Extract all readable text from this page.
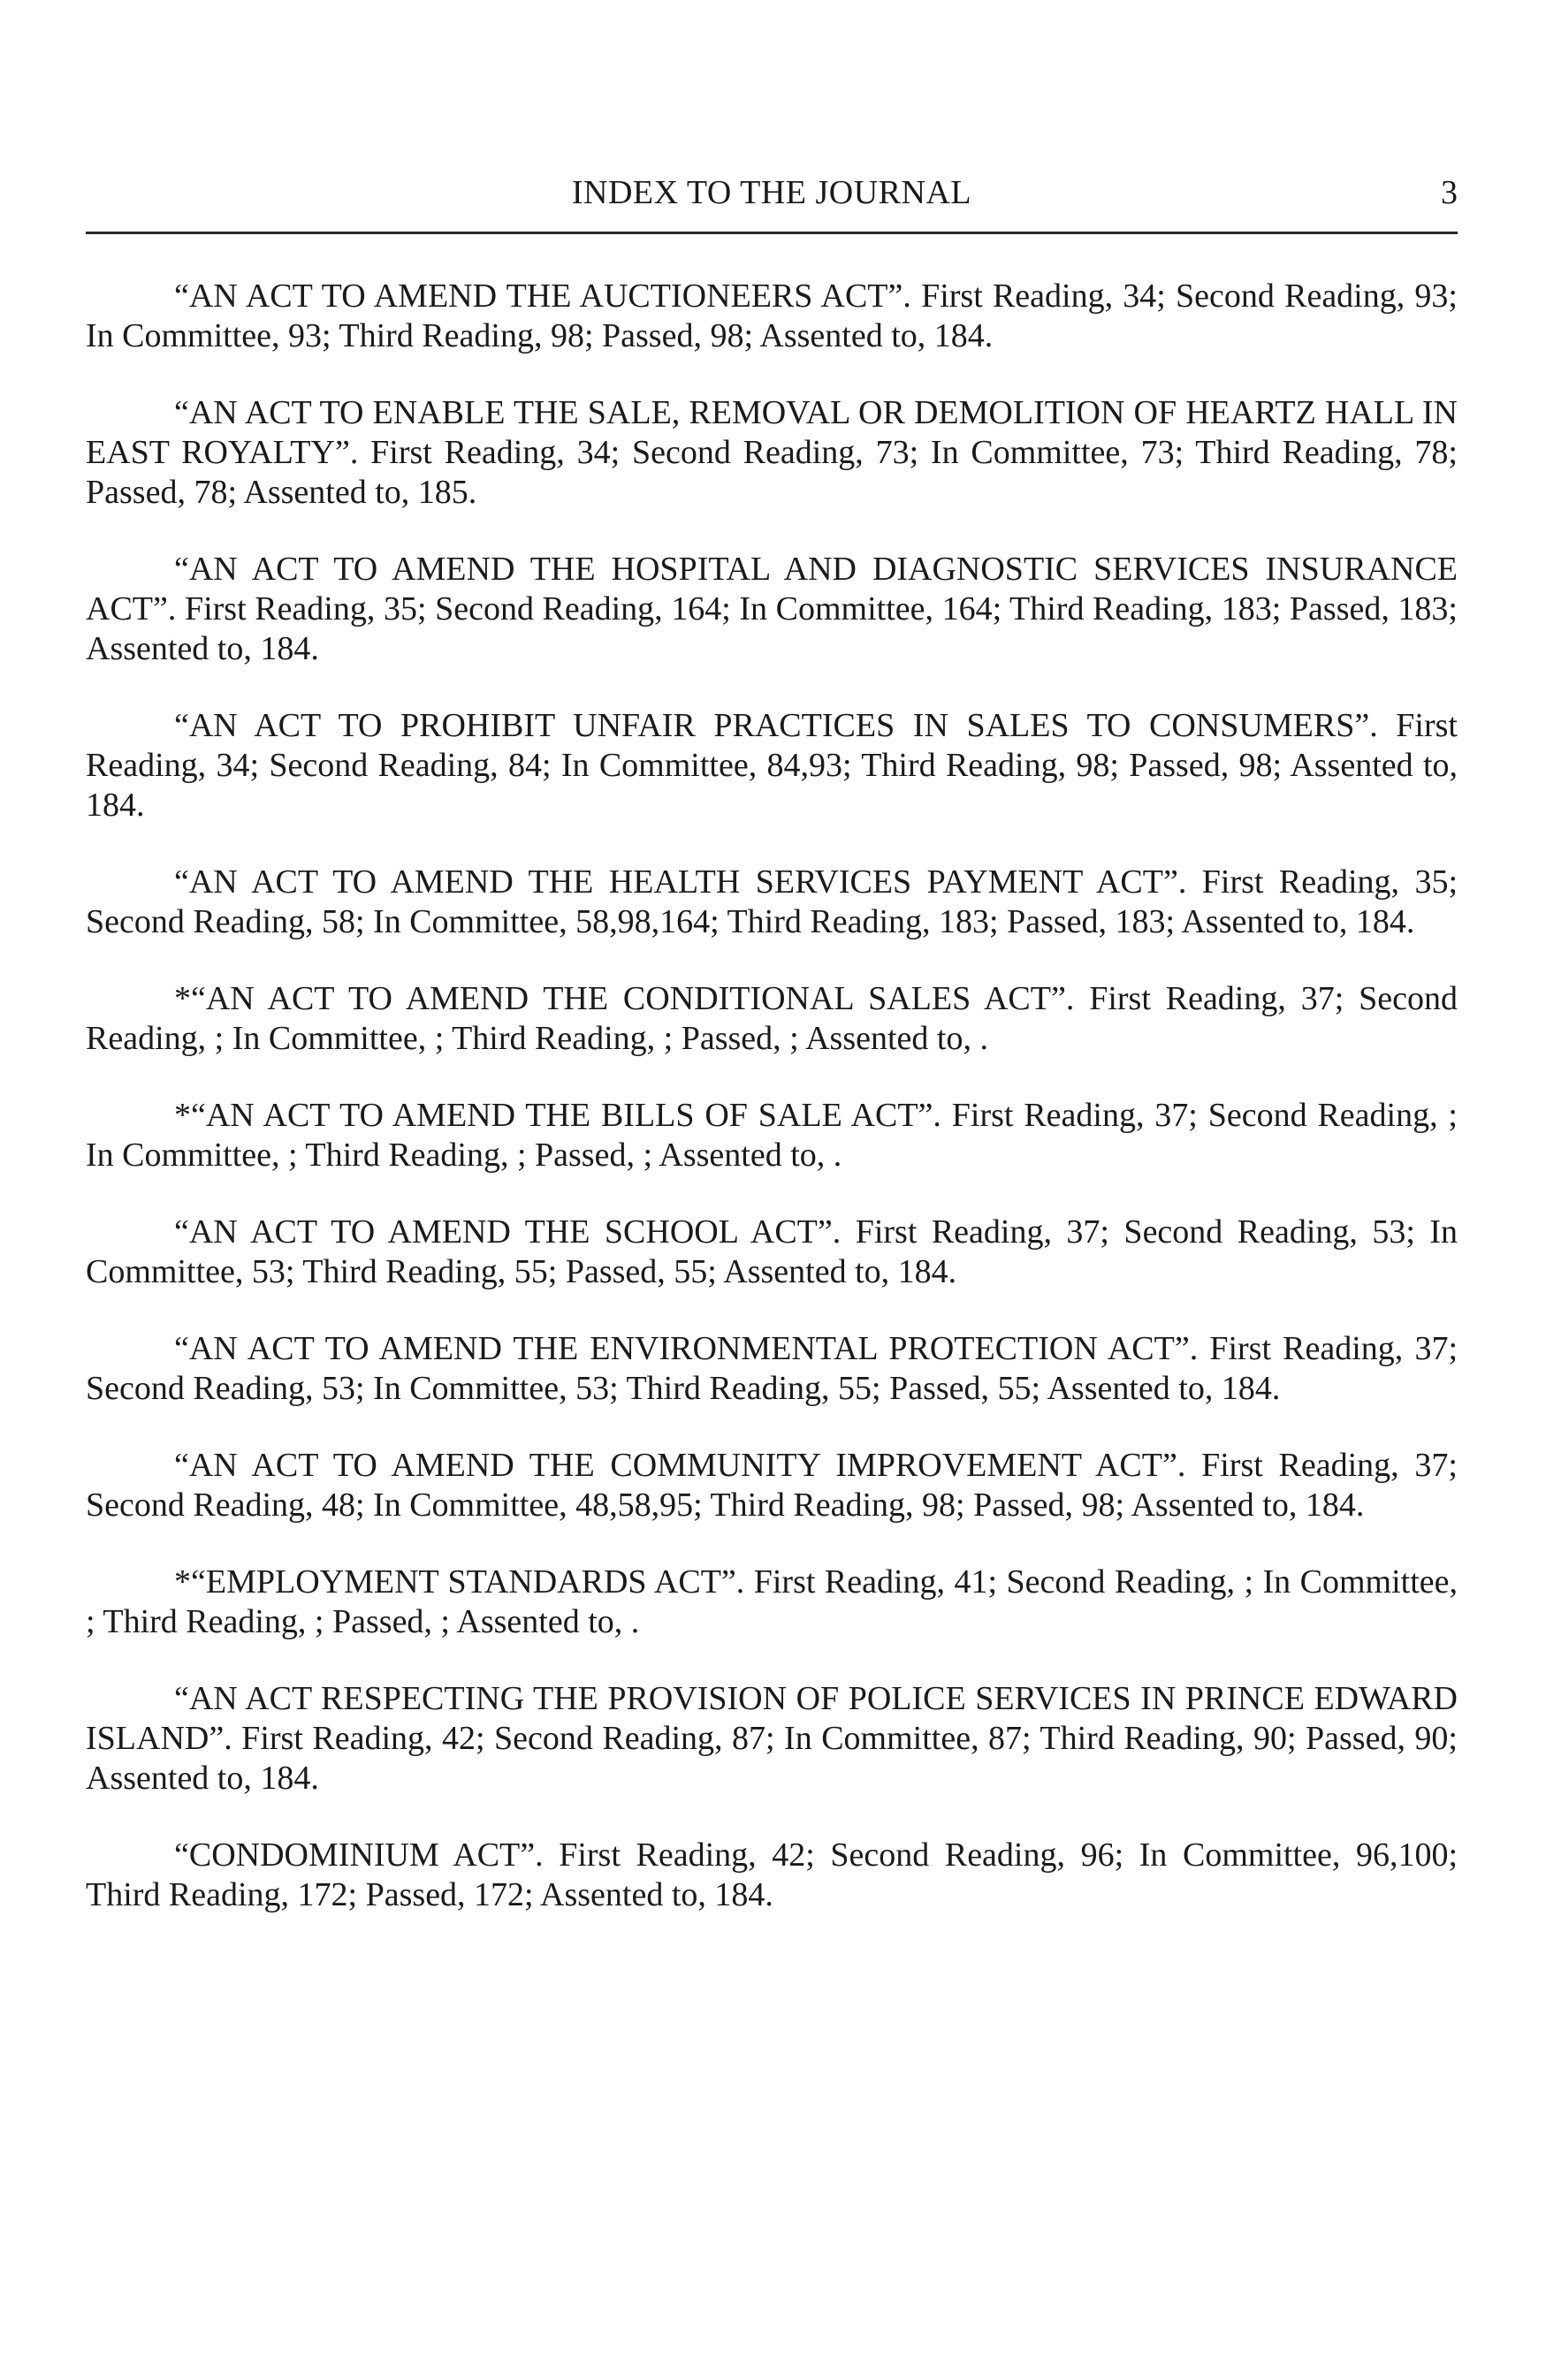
INDEX TO THE JOURNAL	3

“AN ACT TO AMEND THE AUCTIONEERS ACT”. First Reading, 34; Second Reading, 93; In Committee, 93; Third Reading, 98; Passed, 98; Assented to, 184.

“AN ACT TO ENABLE THE SALE, REMOVAL OR DEMOLITION OF HEARTZ HALL IN EAST ROYALTY”. First Reading, 34; Second Reading, 73; In Committee, 73; Third Reading, 78; Passed, 78; Assented to, 185.

“AN ACT TO AMEND THE HOSPITAL AND DIAGNOSTIC SERVICES INSURANCE ACT”. First Reading, 35; Second Reading, 164; In Committee, 164; Third Reading, 183; Passed, 183; Assented to, 184.

“AN ACT TO PROHIBIT UNFAIR PRACTICES IN SALES TO CONSUMERS”. First Reading, 34; Second Reading, 84; In Committee, 84,93; Third Reading, 98; Passed, 98; Assented to, 184.

“AN ACT TO AMEND THE HEALTH SERVICES PAYMENT ACT”. First Reading, 35; Second Reading, 58; In Committee, 58,98,164; Third Reading, 183; Passed, 183; Assented to, 184.

*“AN ACT TO AMEND THE CONDITIONAL SALES ACT”. First Reading, 37; Second Reading, ; In Committee, ; Third Reading, ; Passed, ; Assented to, .

*“AN ACT TO AMEND THE BILLS OF SALE ACT”. First Reading, 37; Second Reading, ; In Committee, ; Third Reading, ; Passed, ; Assented to, .

“AN ACT TO AMEND THE SCHOOL ACT”. First Reading, 37; Second Reading, 53; In Committee, 53; Third Reading, 55; Passed, 55; Assented to, 184.

“AN ACT TO AMEND THE ENVIRONMENTAL PROTECTION ACT”. First Reading, 37; Second Reading, 53; In Committee, 53; Third Reading, 55; Passed, 55; Assented to, 184.

“AN ACT TO AMEND THE COMMUNITY IMPROVEMENT ACT”. First Reading, 37; Second Reading, 48; In Committee, 48,58,95; Third Reading, 98; Passed, 98; Assented to, 184.

*“EMPLOYMENT STANDARDS ACT”. First Reading, 41; Second Reading, ; In Committee, ; Third Reading, ; Passed, ; Assented to, .

“AN ACT RESPECTING THE PROVISION OF POLICE SERVICES IN PRINCE EDWARD ISLAND”. First Reading, 42; Second Reading, 87; In Committee, 87; Third Reading, 90; Passed, 90; Assented to, 184.

“CONDOMINIUM ACT”. First Reading, 42; Second Reading, 96; In Committee, 96,100; Third Reading, 172; Passed, 172; Assented to, 184.
